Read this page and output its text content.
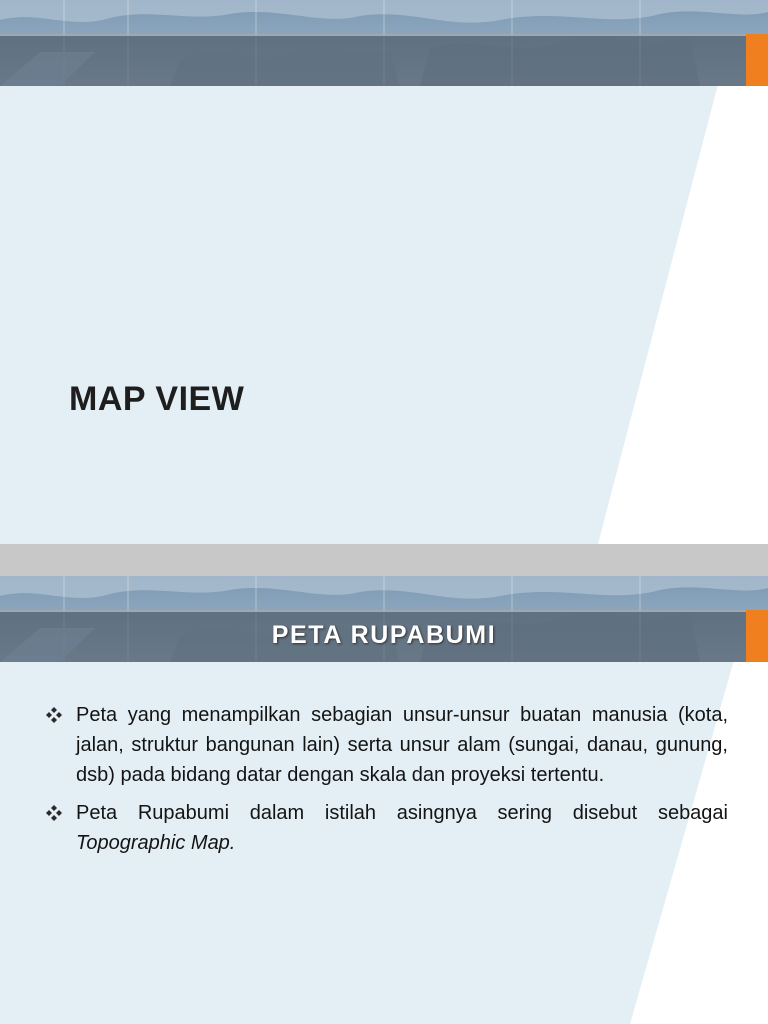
MAP VIEW
PETA RUPABUMI
Peta yang menampilkan sebagian unsur-unsur buatan manusia (kota, jalan, struktur bangunan lain) serta unsur alam (sungai, danau, gunung, dsb) pada bidang datar dengan skala dan proyeksi tertentu.
Peta Rupabumi dalam istilah asingnya sering disebut sebagai Topographic Map.
